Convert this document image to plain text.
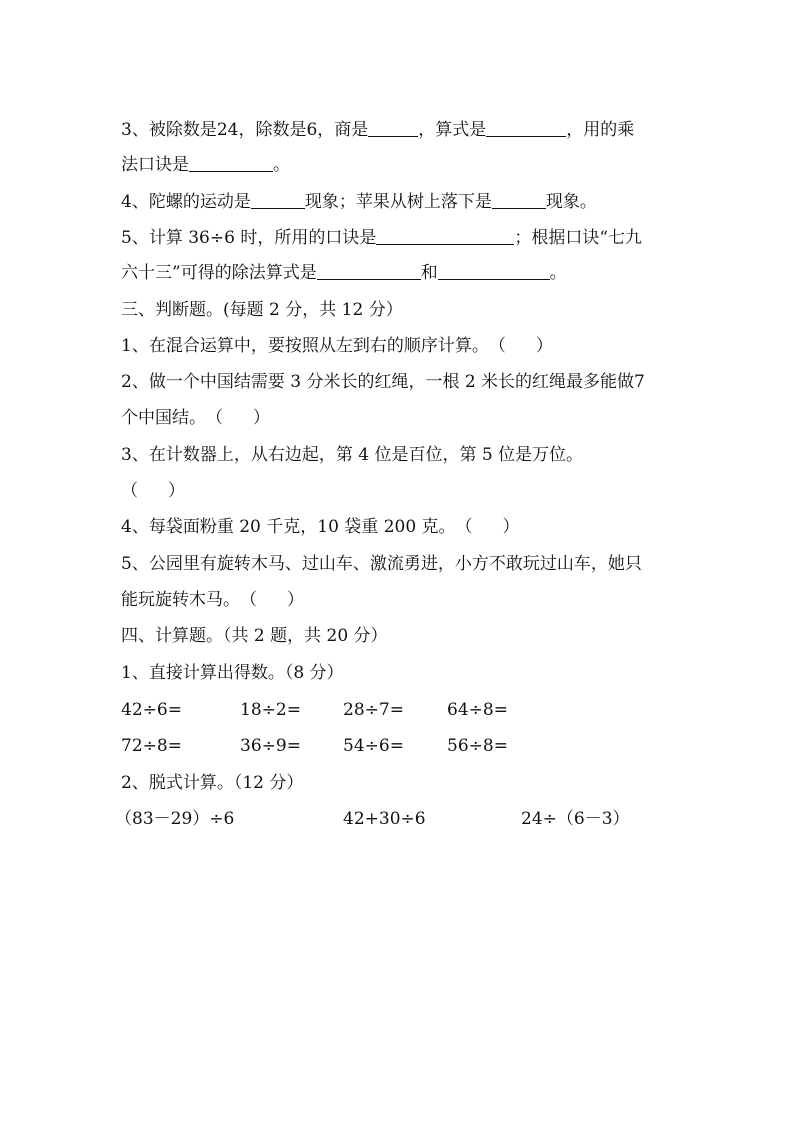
3、被除数是24，除数是6，商是	，算式是	，用的乘
法口诀是	。
4、陀螺的运动是	现象；苹果从树上落下是	现象。
5、计算 36÷6 时，所用的口诀是	；根据口诀“七九
六十三”可得的除法算式是	和	。
三、判断题。(每题 2 分，共 12 分）
1、在混合运算中，要按照从左到右的顺序计算。（ ）
2、做一个中国结需要 3 分米长的红绳，一根 2 米长的红绳最多能做7
个中国结。（ ）
3、在计数器上，从右边起，第 4 位是百位，第 5 位是万位。
（ ）
4、每袋面粉重 20 千克，10 袋重 200 克。（ ）
5、公园里有旋转木马、过山车、激流勇进，小方不敢玩过山车，她只
能玩旋转木马。（ ）
四、计算题。（共 2 题，共 20 分）
1、直接计算出得数。（8 分）
42÷6=	18÷2= 28÷7=	64÷8=
72÷8=	36÷9= 54÷6=	56÷8=
2、脱式计算。（12 分）
（83－29）÷6	42+30÷6	24÷（6－3）
